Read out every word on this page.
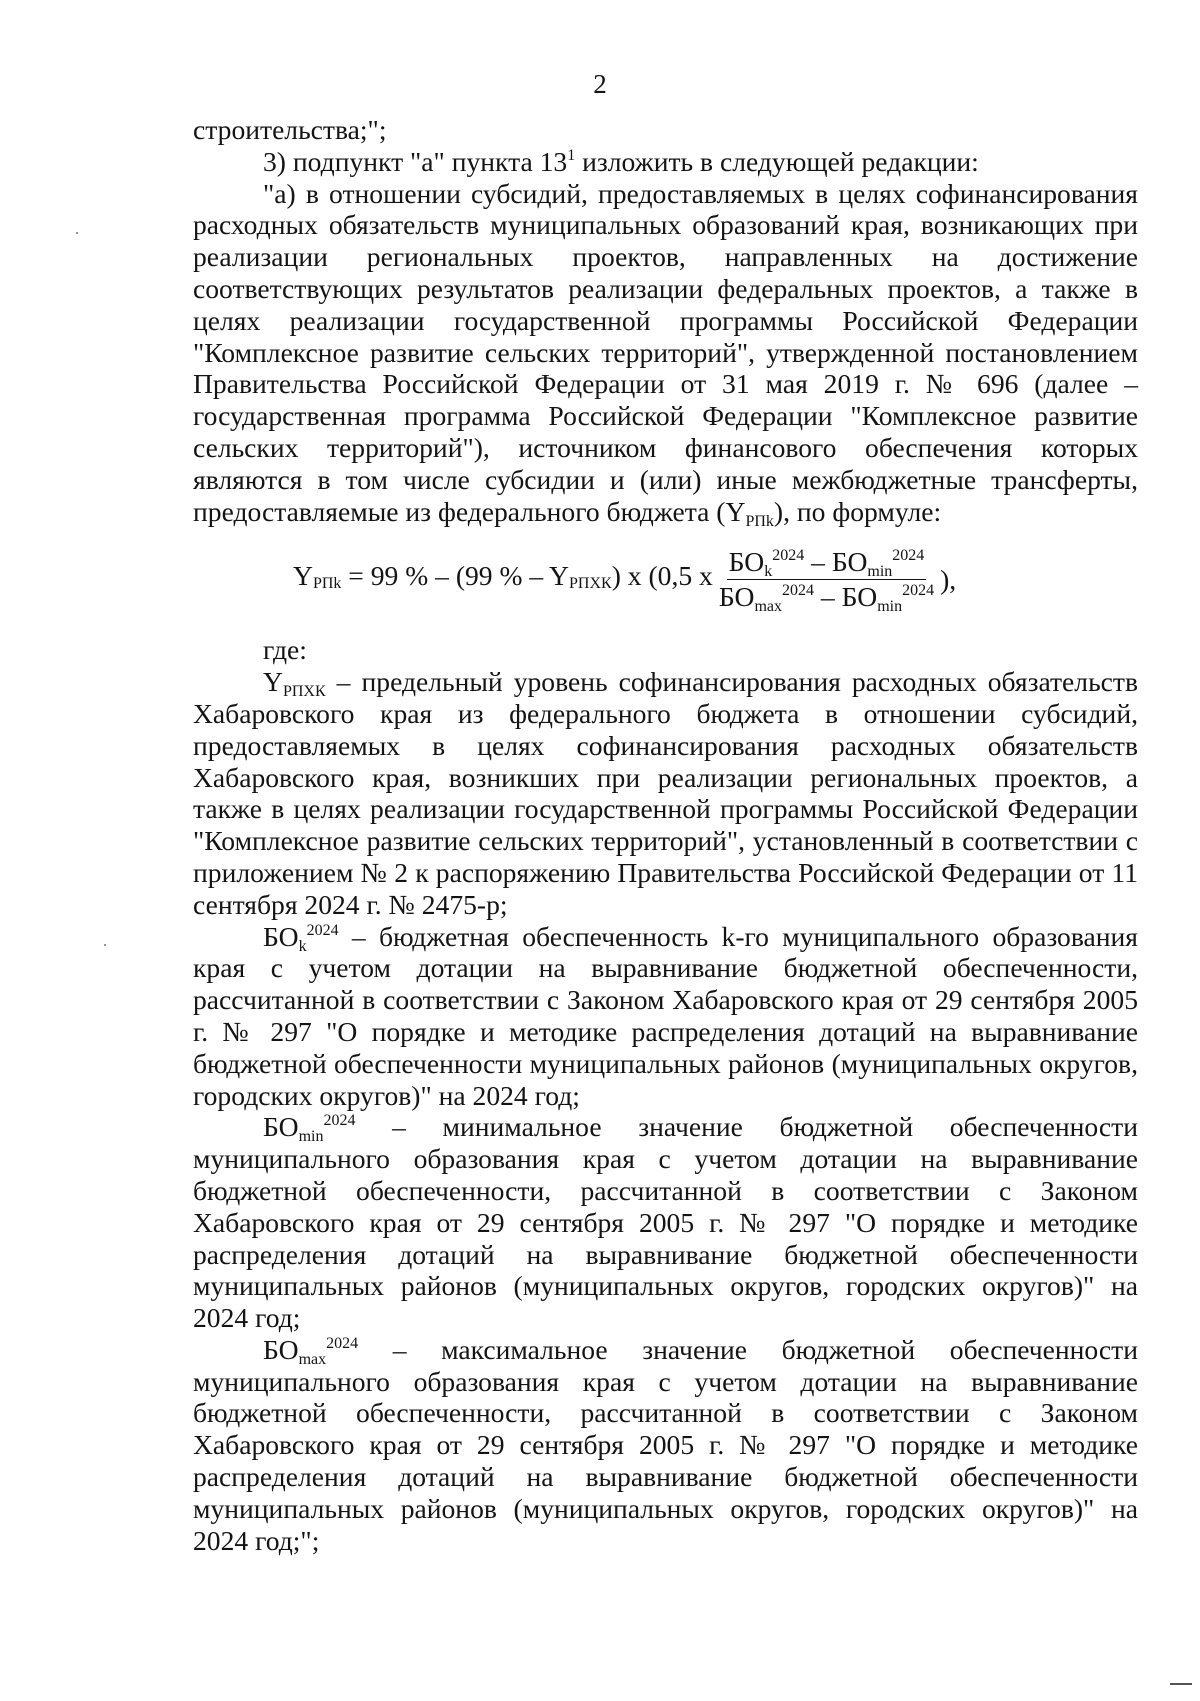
2

строительства;";

3) подпункт "а" пункта $13^1$ изложить в следующей редакции:

"а) в отношении субсидий, предоставляемых в целях софинансирования расходных обязательств муниципальных образований края, возникающих при реализации региональных проектов, направленных на достижение соответствующих результатов реализации федеральных проектов, а также в целях реализации государственной программы Российской Федерации "Комплексное развитие сельских территорий", утвержденной постановлением Правительства Российской Федерации от 31 мая 2019 г. № 696 (далее – государственная программа Российской Федерации "Комплексное развитие сельских территорий"), источником финансового обеспечения которых являются в том числе субсидии и (или) иные межбюджетные трансферты, предоставляемые из федерального бюджета $(Y_{РПk})$, по формуле:

YРПk = 99 % – (99 % – YРПХК) х (0,5 х $\frac{БО_k^{2024} - БО_{min}^{2024}}{БО_{max}^{2024} - БО_{min}^{2024}}$ ),

где:

$Y_{РПХК}$ – предельный уровень софинансирования расходных обязательств Хабаровского края из федерального бюджета в отношении субсидий, предоставляемых в целях софинансирования расходных обязательств Хабаровского края, возникших при реализации региональных проектов, а также в целях реализации государственной программы Российской Федерации "Комплексное развитие сельских территорий", установленный в соответствии с приложением № 2 к распоряжению Правительства Российской Федерации от 11 сентября 2024 г. № 2475-р;

$БО_k^{2024}$ – бюджетная обеспеченность k-го муниципального образования края с учетом дотации на выравнивание бюджетной обеспеченности, рассчитанной в соответствии с Законом Хабаровского края от 29 сентября 2005 г. № 297 "О порядке и методике распределения дотаций на выравнивание бюджетной обеспеченности муниципальных районов (муниципальных округов, городских округов)" на 2024 год;

$БО_{min}^{2024}$ – минимальное значение бюджетной обеспеченности муниципального образования края с учетом дотации на выравнивание бюджетной обеспеченности, рассчитанной в соответствии с Законом Хабаровского края от 29 сентября 2005 г. № 297 "О порядке и методике распределения дотаций на выравнивание бюджетной обеспеченности муниципальных районов (муниципальных округов, городских округов)" на 2024 год;

$БО_{max}^{2024}$ – максимальное значение бюджетной обеспеченности муниципального образования края с учетом дотации на выравнивание бюджетной обеспеченности, рассчитанной в соответствии с Законом Хабаровского края от 29 сентября 2005 г. № 297 "О порядке и методике распределения дотаций на выравнивание бюджетной обеспеченности муниципальных районов (муниципальных округов, городских округов)" на 2024 год;";
